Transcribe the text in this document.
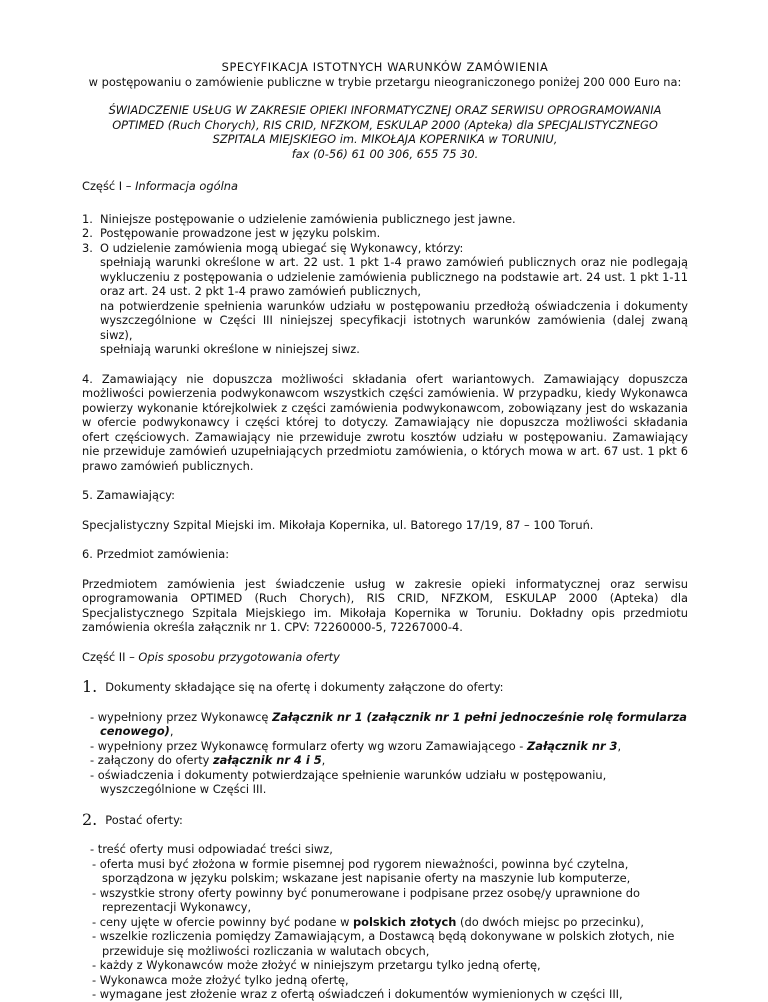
SPECYFIKACJA ISTOTNYCH WARUNKÓW ZAMÓWIENIA

w postępowaniu o zamówienie publiczne w trybie przetargu nieograniczonego poniżej 200 000 Euro na:

ŚWIADCZENIE USŁUG W ZAKRESIE OPIEKI INFORMATYCZNEJ ORAZ SERWISU OPROGRAMOWANIA
OPTIMED (Ruch Chorych), RIS CRID, NFZKOM, ESKULAP 2000 (Apteka) dla SPECJALISTYCZNEGO
SZPITALA MIEJSKIEGO im. MIKOŁAJA KOPERNIKA w TORUNIU,
fax (0-56) 61 00 306, 655 75 30.

Część I – Informacja ogólna

1. Niniejsze postępowanie o udzielenie zamówienia publicznego jest jawne.
2. Postępowanie prowadzone jest w języku polskim.
3. O udzielenie zamówienia mogą ubiegać się Wykonawcy, którzy:
spełniają warunki określone w art. 22 ust. 1 pkt 1-4 prawo zamówień publicznych oraz nie podlegają wykluczeniu z postępowania o udzielenie zamówienia publicznego na podstawie art. 24 ust. 1 pkt 1-11 oraz art. 24 ust. 2 pkt 1-4 prawo zamówień publicznych,
na potwierdzenie spełnienia warunków udziału w postępowaniu przedłożą oświadczenia i dokumenty wyszczególnione w Części III niniejszej specyfikacji istotnych warunków zamówienia (dalej zwaną siwz),
spełniają warunki określone w niniejszej siwz.

4. Zamawiający nie dopuszcza możliwości składania ofert wariantowych. Zamawiający dopuszcza możliwości powierzenia podwykonawcom wszystkich części zamówienia. W przypadku, kiedy Wykonawca powierzy wykonanie którejkolwiek z części zamówienia podwykonawcom, zobowiązany jest do wskazania w ofercie podwykonawcy i części której to dotyczy. Zamawiający nie dopuszcza możliwości składania ofert częściowych. Zamawiający nie przewiduje zwrotu kosztów udziału w postępowaniu. Zamawiający nie przewiduje zamówień uzupełniających przedmiotu zamówienia, o których mowa w art. 67 ust. 1 pkt 6 prawo zamówień publicznych.

5. Zamawiający:

Specjalistyczny Szpital Miejski im. Mikołaja Kopernika, ul. Batorego 17/19, 87 – 100 Toruń.

6. Przedmiot zamówienia:

Przedmiotem zamówienia jest świadczenie usług w zakresie opieki informatycznej oraz serwisu oprogramowania OPTIMED (Ruch Chorych), RIS CRID, NFZKOM, ESKULAP 2000 (Apteka) dla Specjalistycznego Szpitala Miejskiego im. Mikołaja Kopernika w Toruniu. Dokładny opis przedmiotu zamówienia określa załącznik nr 1. CPV: 72260000-5, 72267000-4.

Część II – Opis sposobu przygotowania oferty

1. Dokumenty składające się na ofertę i dokumenty załączone do oferty:

- wypełniony przez Wykonawcę Załącznik nr 1 (załącznik nr 1 pełni jednocześnie rolę formularza cenowego),
- wypełniony przez Wykonawcę formularz oferty wg wzoru Zamawiającego - Załącznik nr 3,
- załączony do oferty załącznik nr 4 i 5,
- oświadczenia i dokumenty potwierdzające spełnienie warunków udziału w postępowaniu, wyszczególnione w Części III.

2. Postać oferty:

- treść oferty musi odpowiadać treści siwz,
- oferta musi być złożona w formie pisemnej pod rygorem nieważności, powinna być czytelna, sporządzona w języku polskim; wskazane jest napisanie oferty na maszynie lub komputerze,
- wszystkie strony oferty powinny być ponumerowane i podpisane przez osobę/y uprawnione do reprezentacji Wykonawcy,
- ceny ujęte w ofercie powinny być podane w polskich złotych (do dwóch miejsc po przecinku),
- wszelkie rozliczenia pomiędzy Zamawiającym, a Dostawcą będą dokonywane w polskich złotych, nie przewiduje się możliwości rozliczania w walutach obcych,
- każdy z Wykonawców może złożyć w niniejszym przetargu tylko jedną ofertę,
- Wykonawca może złożyć tylko jedną ofertę,
- wymagane jest złożenie wraz z ofertą oświadczeń i dokumentów wymienionych w części III,
